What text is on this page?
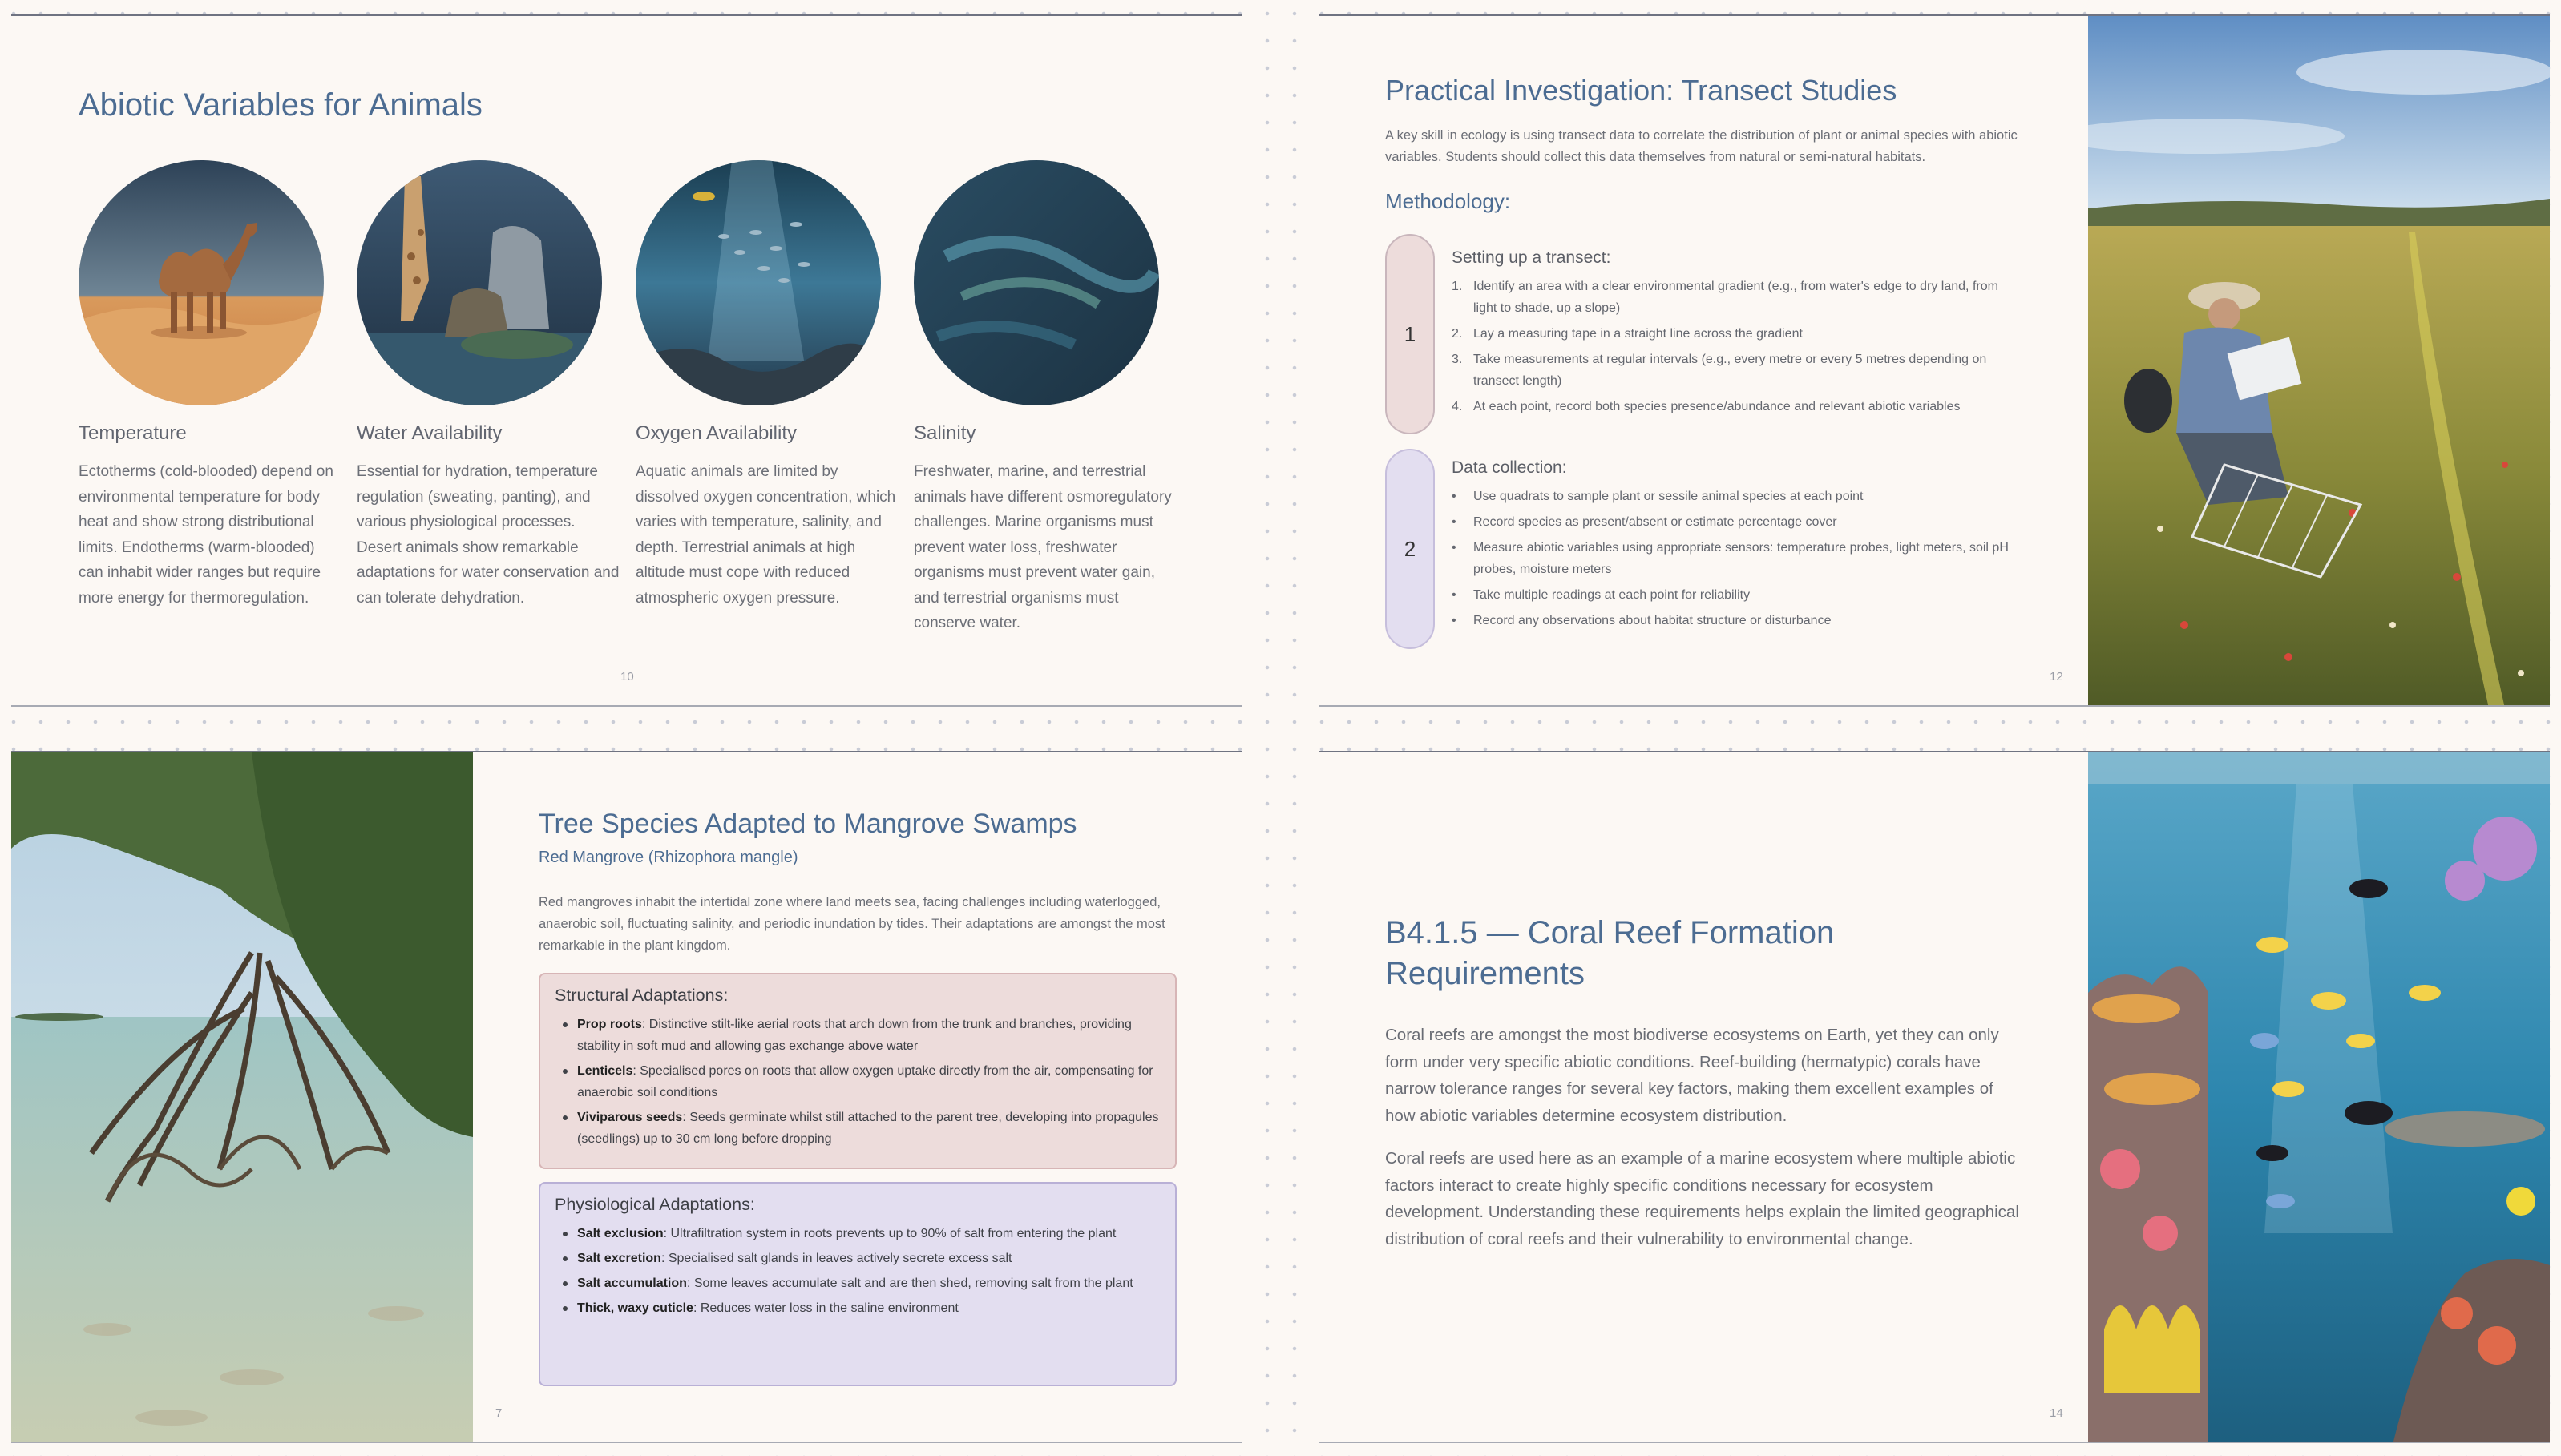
Abiotic Variables for Animals
Temperature
Ectotherms (cold-blooded) depend on environmental temperature for body heat and show strong distributional limits. Endotherms (warm-blooded) can inhabit wider ranges but require more energy for thermoregulation.
Water Availability
Essential for hydration, temperature regulation (sweating, panting), and various physiological processes. Desert animals show remarkable adaptations for water conservation and can tolerate dehydration.
Oxygen Availability
Aquatic animals are limited by dissolved oxygen concentration, which varies with temperature, salinity, and depth. Terrestrial animals at high altitude must cope with reduced atmospheric oxygen pressure.
Salinity
Freshwater, marine, and terrestrial animals have different osmoregulatory challenges. Marine organisms must prevent water loss, freshwater organisms must prevent water gain, and terrestrial organisms must conserve water.
10
Practical Investigation: Transect Studies
A key skill in ecology is using transect data to correlate the distribution of plant or animal species with abiotic variables. Students should collect this data themselves from natural or semi-natural habitats.
Methodology:
1
Setting up a transect:
1. Identify an area with a clear environmental gradient (e.g., from water's edge to dry land, from light to shade, up a slope)
2. Lay a measuring tape in a straight line across the gradient
3. Take measurements at regular intervals (e.g., every metre or every 5 metres depending on transect length)
4. At each point, record both species presence/abundance and relevant abiotic variables
2
Data collection:
• Use quadrats to sample plant or sessile animal species at each point
• Record species as present/absent or estimate percentage cover
• Measure abiotic variables using appropriate sensors: temperature probes, light meters, soil pH probes, moisture meters
• Take multiple readings at each point for reliability
• Record any observations about habitat structure or disturbance
12
Tree Species Adapted to Mangrove Swamps
Red Mangrove (Rhizophora mangle)
Red mangroves inhabit the intertidal zone where land meets sea, facing challenges including waterlogged, anaerobic soil, fluctuating salinity, and periodic inundation by tides. Their adaptations are amongst the most remarkable in the plant kingdom.
Structural Adaptations:
Prop roots: Distinctive stilt-like aerial roots that arch down from the trunk and branches, providing stability in soft mud and allowing gas exchange above water
Lenticels: Specialised pores on roots that allow oxygen uptake directly from the air, compensating for anaerobic soil conditions
Viviparous seeds: Seeds germinate whilst still attached to the parent tree, developing into propagules (seedlings) up to 30 cm long before dropping
Physiological Adaptations:
Salt exclusion: Ultrafiltration system in roots prevents up to 90% of salt from entering the plant
Salt excretion: Specialised salt glands in leaves actively secrete excess salt
Salt accumulation: Some leaves accumulate salt and are then shed, removing salt from the plant
Thick, waxy cuticle: Reduces water loss in the saline environment
7
B4.1.5 — Coral Reef Formation Requirements
Coral reefs are amongst the most biodiverse ecosystems on Earth, yet they can only form under very specific abiotic conditions. Reef-building (hermatypic) corals have narrow tolerance ranges for several key factors, making them excellent examples of how abiotic variables determine ecosystem distribution.
Coral reefs are used here as an example of a marine ecosystem where multiple abiotic factors interact to create highly specific conditions necessary for ecosystem development. Understanding these requirements helps explain the limited geographical distribution of coral reefs and their vulnerability to environmental change.
14
